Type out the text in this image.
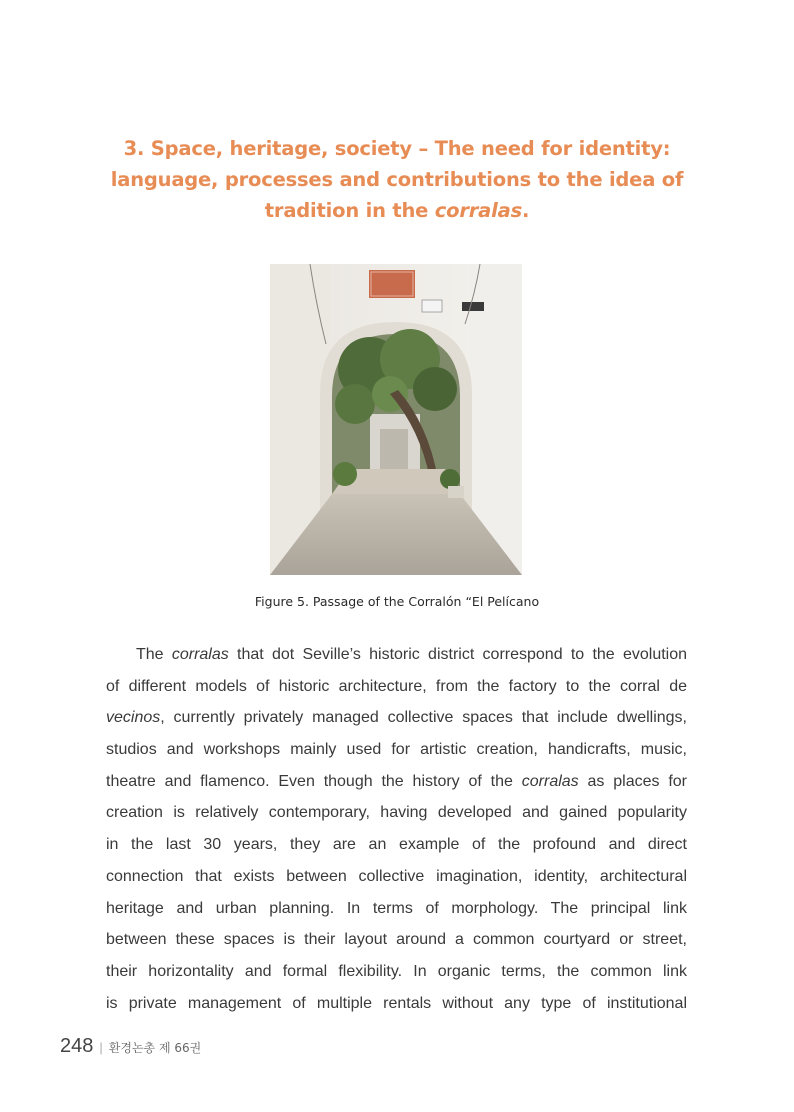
3. Space, heritage, society – The need for identity:
language, processes and contributions to the idea of
tradition in the corralas.
Figure 5. Passage of the Corralón “El Pelícano
The corralas that dot Seville’s historic district correspond to the evolution
of different models of historic architecture, from the factory to the corral de
vecinos, currently privately managed collective spaces that include dwellings,
studios and workshops mainly used for artistic creation, handicrafts, music,
theatre and flamenco. Even though the history of the corralas as places for
creation is relatively contemporary, having developed and gained popularity
in the last 30 years, they are an example of the profound and direct
connection that exists between collective imagination, identity, architectural
heritage and urban planning. In terms of morphology. The principal link
between these spaces is their layout around a common courtyard or street,
their horizontality and formal flexibility. In organic terms, the common link
is private management of multiple rentals without any type of institutional
248 | 환경논총 제 66권
